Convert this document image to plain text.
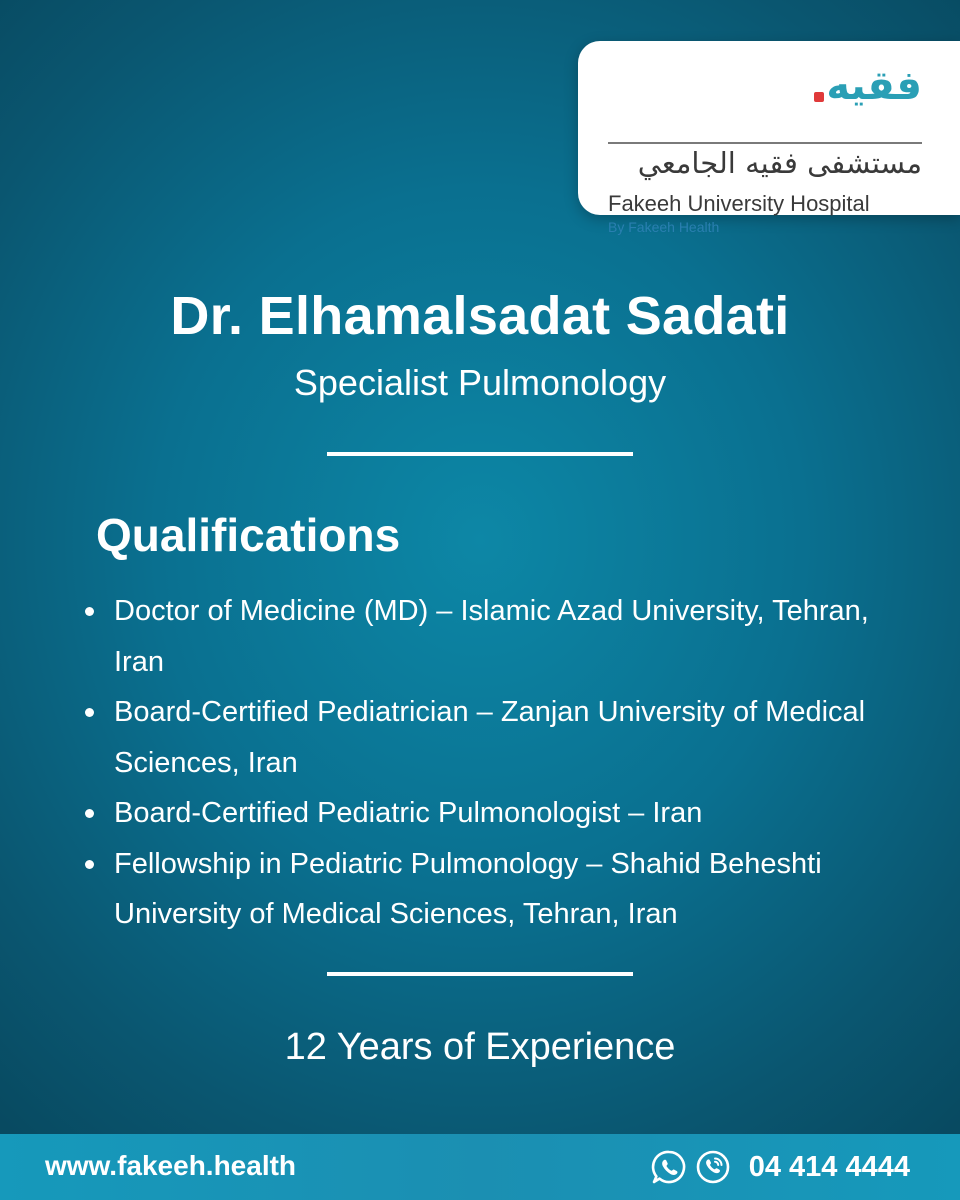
فقيه
مستشفى فقيه الجامعي
Fakeeh University Hospital
By Fakeeh Health
Dr. Elhamalsadat Sadati
Specialist Pulmonology
Qualifications
Doctor of Medicine (MD) – Islamic Azad University, Tehran, Iran
Board-Certified Pediatrician – Zanjan University of Medical Sciences, Iran
Board-Certified Pediatric Pulmonologist – Iran
Fellowship in Pediatric Pulmonology – Shahid Beheshti University of Medical Sciences, Tehran, Iran
12 Years of Experience
www.fakeeh.health	04 414 4444
